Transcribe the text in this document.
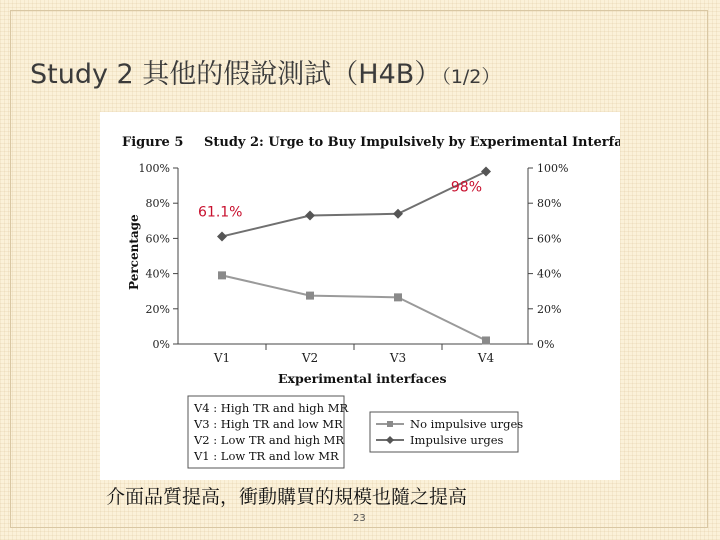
Study 2 其他的假說測試（H4B）（1/2）
Figure 5 Study 2: Urge to Buy Impulsively by Experimental Interface
0%
20%
40%
60%
80%
100%
0%
20%
40%
60%
80%
100%
V1	V2	V3	V4
Percentage
Experimental interfaces
61.1%
98%
V4 : High TR and high MR
V3 : High TR and low MR
V2 : Low TR and high MR
V1 : Low TR and low MR
No impulsive urges
Impulsive urges
介面品質提高，衝動購買的規模也隨之提高
23
